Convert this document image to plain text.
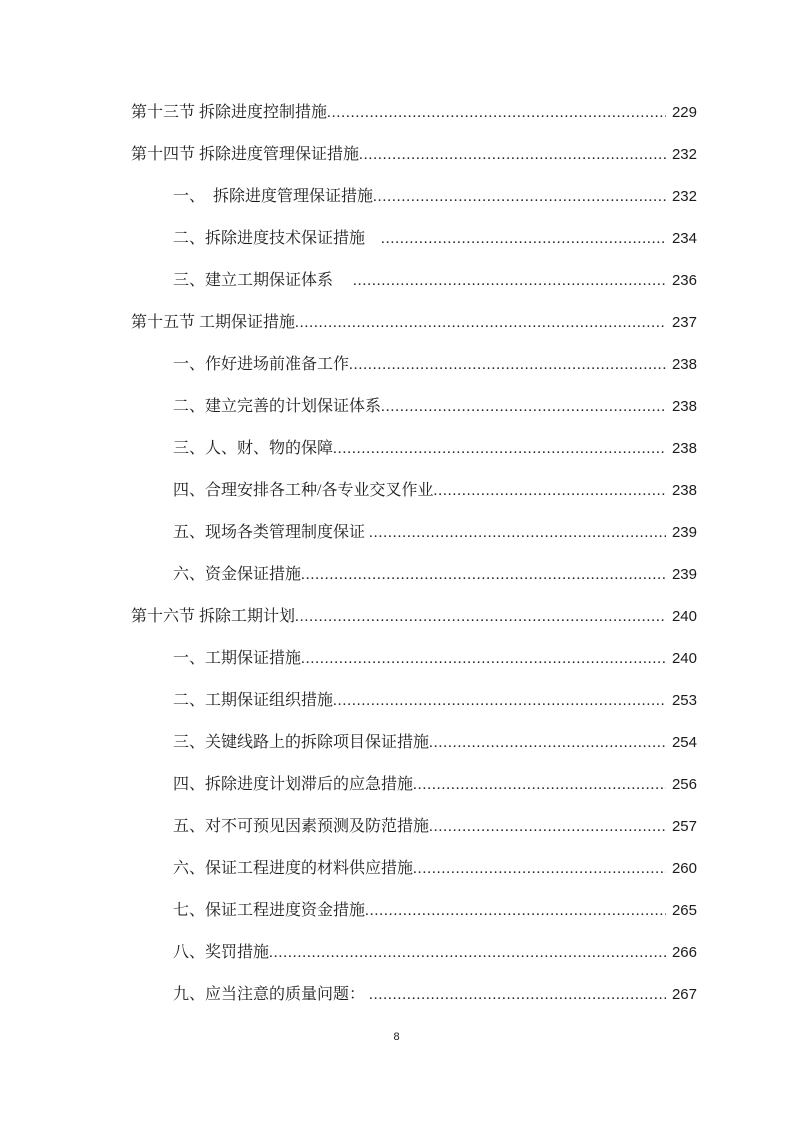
第十三节 拆除进度控制措施 .....	229
第十四节 拆除进度管理保证措施 .....	232
一、　拆除进度管理保证措施 .....	232
二、拆除进度技术保证措施　 .....	234
三、建立工期保证体系　 .....	236
第十五节 工期保证措施 .....	237
一、作好进场前准备工作 .....	238
二、建立完善的计划保证体系 .....	238
三、人、财、物的保障 .....	238
四、合理安排各工种/各专业交叉作业 .....	238
五、现场各类管理制度保证 .....	239
六、资金保证措施 .....	239
第十六节 拆除工期计划 .....	240
一、工期保证措施 .....	240
二、工期保证组织措施 .....	253
三、关键线路上的拆除项目保证措施 .....	254
四、拆除进度计划滞后的应急措施 .....	256
五、对不可预见因素预测及防范措施 .....	257
六、保证工程进度的材料供应措施 .....	260
七、保证工程进度资金措施 .....	265
八、奖罚措施 .....	266
九、应当注意的质量问题： .....	267
8
